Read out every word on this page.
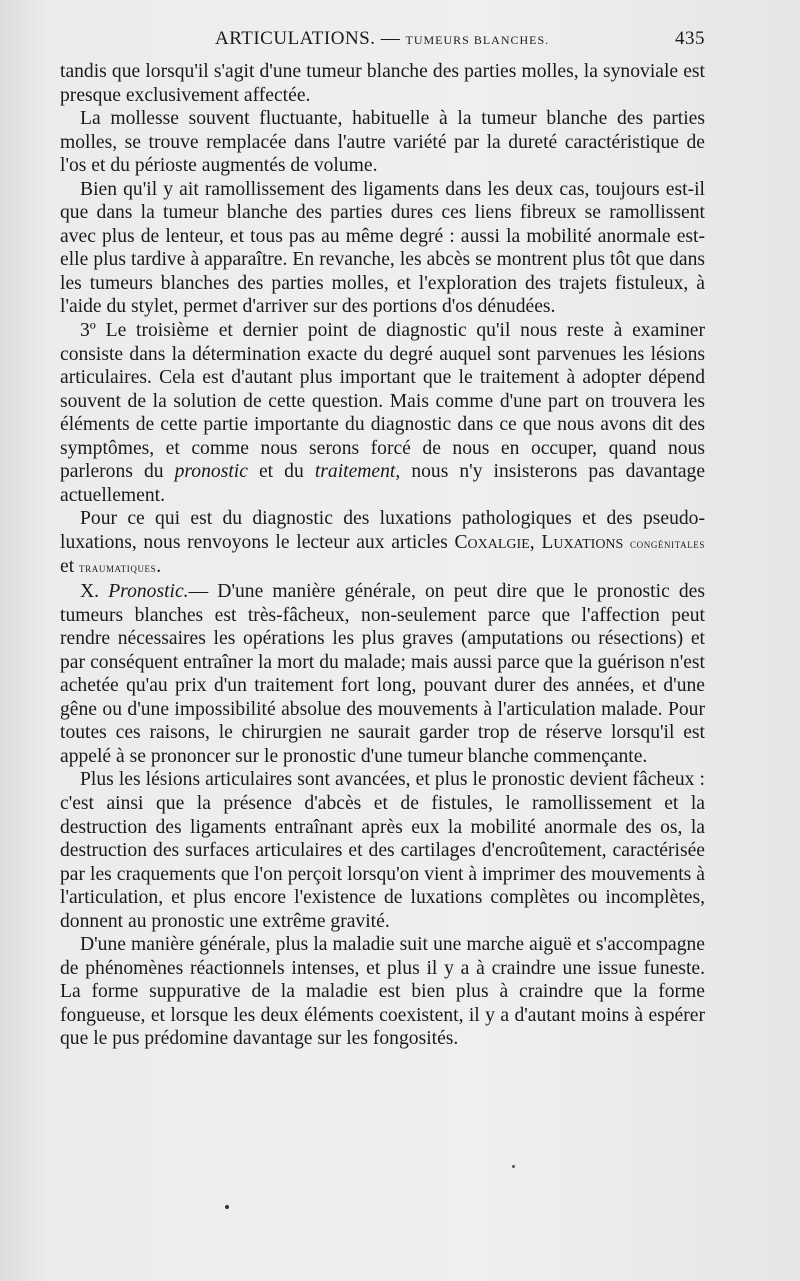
ARTICULATIONS. — TUMEURS BLANCHES.	435

tandis que lorsqu'il s'agit d'une tumeur blanche des parties molles, la synoviale est presque exclusivement affectée.

La mollesse souvent fluctuante, habituelle à la tumeur blanche des parties molles, se trouve remplacée dans l'autre variété par la dureté caractéristique de l'os et du périoste augmentés de volume.

Bien qu'il y ait ramollissement des ligaments dans les deux cas, toujours est-il que dans la tumeur blanche des parties dures ces liens fibreux se ramollissent avec plus de lenteur, et tous pas au même degré : aussi la mobilité anormale est-elle plus tardive à apparaître. En revanche, les abcès se montrent plus tôt que dans les tumeurs blanches des parties molles, et l'exploration des trajets fistuleux, à l'aide du stylet, permet d'arriver sur des portions d'os dénudées.

3º Le troisième et dernier point de diagnostic qu'il nous reste à examiner consiste dans la détermination exacte du degré auquel sont parvenues les lésions articulaires. Cela est d'autant plus important que le traitement à adopter dépend souvent de la solution de cette question. Mais comme d'une part on trouvera les éléments de cette partie importante du diagnostic dans ce que nous avons dit des symptômes, et comme nous serons forcé de nous en occuper, quand nous parlerons du pronostic et du traitement, nous n'y insisterons pas davantage actuellement.

Pour ce qui est du diagnostic des luxations pathologiques et des pseudo-luxations, nous renvoyons le lecteur aux articles Coxalgie, Luxations congénitales et traumatiques.

X. Pronostic.— D'une manière générale, on peut dire que le pronostic des tumeurs blanches est très-fâcheux, non-seulement parce que l'affection peut rendre nécessaires les opérations les plus graves (amputations ou résections) et par conséquent entraîner la mort du malade; mais aussi parce que la guérison n'est achetée qu'au prix d'un traitement fort long, pouvant durer des années, et d'une gêne ou d'une impossibilité absolue des mouvements à l'articulation malade. Pour toutes ces raisons, le chirurgien ne saurait garder trop de réserve lorsqu'il est appelé à se prononcer sur le pronostic d'une tumeur blanche commençante.

Plus les lésions articulaires sont avancées, et plus le pronostic devient fâcheux : c'est ainsi que la présence d'abcès et de fistules, le ramollissement et la destruction des ligaments entraînant après eux la mobilité anormale des os, la destruction des surfaces articulaires et des cartilages d'encroûtement, caractérisée par les craquements que l'on perçoit lorsqu'on vient à imprimer des mouvements à l'articulation, et plus encore l'existence de luxations complètes ou incomplètes, donnent au pronostic une extrême gravité.

D'une manière générale, plus la maladie suit une marche aiguë et s'accompagne de phénomènes réactionnels intenses, et plus il y a à craindre une issue funeste. La forme suppurative de la maladie est bien plus à craindre que la forme fongueuse, et lorsque les deux éléments coexistent, il y a d'autant moins à espérer que le pus prédomine davantage sur les fongosités.
